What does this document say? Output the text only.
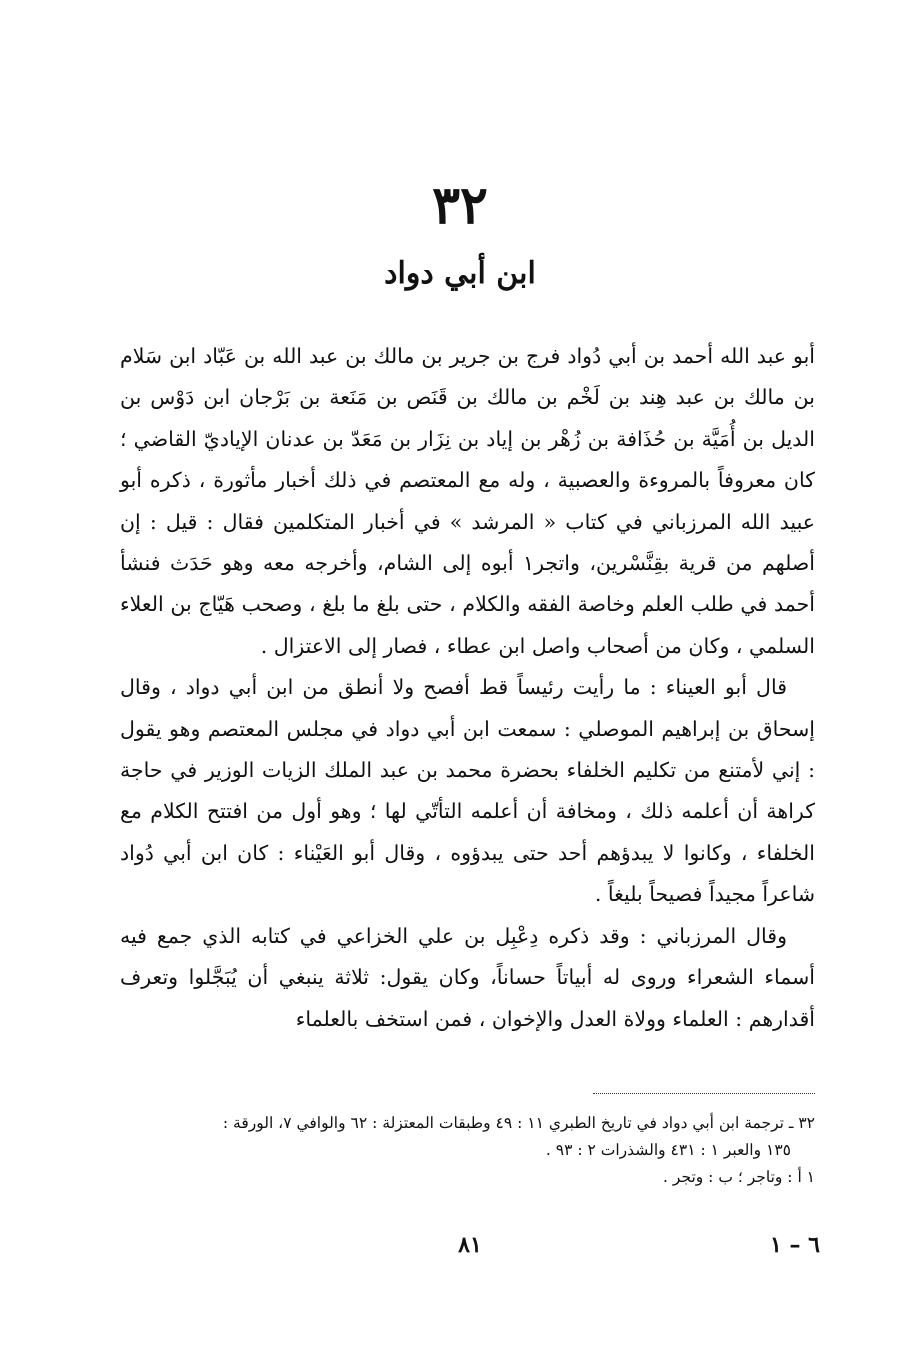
٣٢
ابن أبي دواد

أبو عبد الله أحمد بن أبي دُواد فرج بن جرير بن مالك بن عبد الله بن عَبّاد ابن سَلام بن مالك بن عبد هِند بن لَخْم بن مالك بن قَنَص بن مَنَعة بن بَرْجان ابن دَوْس بن الديل بن أُمَيَّة بن حُذَافة بن زُهْر بن إياد بن نِزَار بن مَعَدّ بن عدنان الإياديّ القاضي ؛ كان معروفاً بالمروءة والعصبية ، وله مع المعتصم في ذلك أخبار مأثورة ، ذكره أبو عبيد الله المرزباني في كتاب « المرشد » في أخبار المتكلمين فقال : قيل : إن أصلهم من قرية بقِنَّسْرين، واتجر١ أبوه إلى الشام، وأخرجه معه وهو حَدَث فنشأ أحمد في طلب العلم وخاصة الفقه والكلام ، حتى بلغ ما بلغ ، وصحب هَيّاج بن العلاء السلمي ، وكان من أصحاب واصل ابن عطاء ، فصار إلى الاعتزال .

قال أبو العيناء : ما رأيت رئيساً قط أفصح ولا أنطق من ابن أبي دواد ، وقال إسحاق بن إبراهيم الموصلي : سمعت ابن أبي دواد في مجلس المعتصم وهو يقول : إني لأمتنع من تكليم الخلفاء بحضرة محمد بن عبد الملك الزيات الوزير في حاجة كراهة أن أعلمه ذلك ، ومخافة أن أعلمه التأتّي لها ؛ وهو أول من افتتح الكلام مع الخلفاء ، وكانوا لا يبدؤهم أحد حتى يبدؤوه ، وقال أبو العَيْناء : كان ابن أبي دُواد شاعراً مجيداً فصيحاً بليغاً .

وقال المرزباني : وقد ذكره دِعْبِل بن علي الخزاعي في كتابه الذي جمع فيه أسماء الشعراء وروى له أبياتاً حساناً، وكان يقول: ثلاثة ينبغي أن يُبَجَّلوا وتعرف أقدارهم : العلماء وولاة العدل والإخوان ، فمن استخف بالعلماء

٣٢ ـ ترجمة ابن أبي دواد في تاريخ الطبري ١١ : ٤٩ وطبقات المعتزلة : ٦٢ والوافي ٧، الورقة :
١٣٥ والعبر ١ : ٤٣١ والشذرات ٢ : ٩٣ .
١ أ : وتاجر ؛ ب : وتجر .
٨١	٦ – ١
